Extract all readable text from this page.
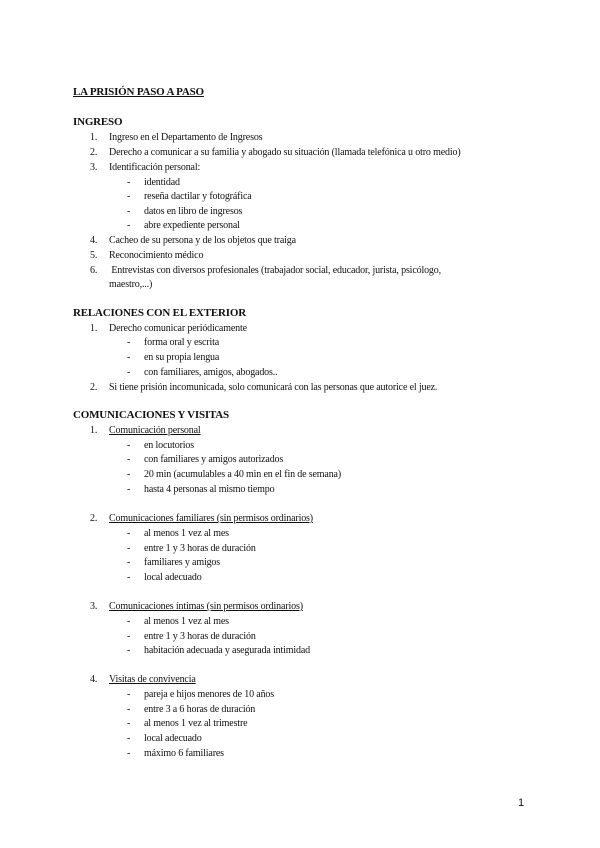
LA PRISIÓN PASO A PASO
INGRESO
1.	Ingreso en el Departamento de Ingresos
2.	Derecho a comunicar a su familia y abogado su situación (llamada telefónica u otro medio)
3.	Identificación personal:
- identidad
- reseña dactilar y fotográfica
- datos en libro de ingresos
- abre expediente personal
4.	Cacheo de su persona y de los objetos que traiga
5.	Reconocimiento médico
6.	Entrevistas con diversos profesionales (trabajador social, educador, jurista, psicólogo,
maestro,...)
RELACIONES CON EL EXTERIOR
1.	Derecho comunicar periódicamente
- forma oral y escrita
- en su propia lengua
- con familiares, amigos, abogados..
2.	Si tiene prisión incomunicada, solo comunicará con las personas que autorice el juez.
COMUNICACIONES Y VISITAS
1.	Comunicación personal
- en locutorios
- con familiares y amigos autorizados
- 20 min (acumulables a 40 min en el fin de semana)
- hasta 4 personas al mismo tiempo
2.	Comunicaciones familiares (sin permisos ordinarios)
- al menos 1 vez al mes
- entre 1 y 3 horas de duración
- familiares y amigos
- local adecuado
3.	Comunicaciones íntimas (sin permisos ordinarios)
- al menos 1 vez al mes
- entre 1 y 3 horas de duración
- habitación adecuada y asegurada intimidad
4.	Visitas de convivencia
- pareja e hijos menores de 10 años
- entre 3 a 6 horas de duración
- al menos 1 vez al trimestre
- local adecuado
- máximo 6 familiares
1
